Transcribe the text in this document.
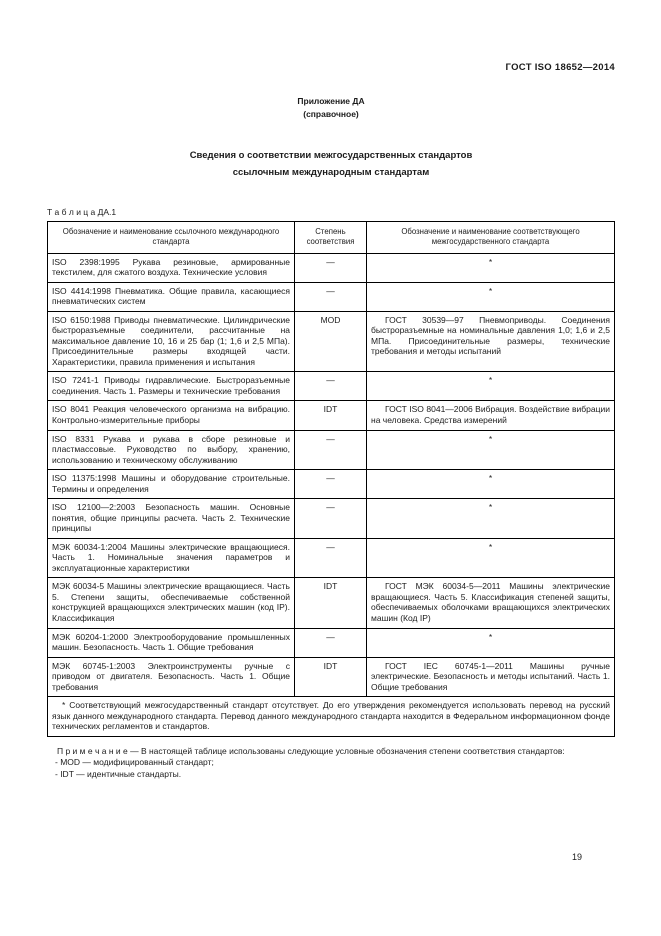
ГОСТ ISO 18652—2014
Приложение ДА
(справочное)
Сведения о соответствии межгосударственных стандартов
ссылочным международным стандартам
Т а б л и ц а ДА.1
Обозначение и наименование ссылочного международного стандарта	Степень соответствия	Обозначение и наименование соответствующего межгосударственного стандарта
ISO 2398:1995 Рукава резиновые, армированные текстилем, для сжатого воздуха. Технические условия	—	*
ISO 4414:1998 Пневматика. Общие правила, касающиеся пневматических систем	—	*
ISO 6150:1988 Приводы пневматические. Цилиндрические быстроразъемные соединители, рассчитанные на максимальное давление 10, 16 и 25 бар (1; 1,6 и 2,5 МПа). Присоединительные размеры входящей части. Характеристики, правила применения и испытания	MOD	ГОСТ 30539—97 Пневмоприводы. Соединения быстроразъемные на номинальные давления 1,0; 1,6 и 2,5 МПа. Присоединительные размеры, технические требования и методы испытаний
ISO 7241-1 Приводы гидравлические. Быстроразъемные соединения. Часть 1. Размеры и технические требования	—	*
ISO 8041 Реакция человеческого организма на вибрацию. Контрольно-измерительные приборы	IDT	ГОСТ ISO 8041—2006 Вибрация. Воздействие вибрации на человека. Средства измерений
ISO 8331 Рукава и рукава в сборе резиновые и пластмассовые. Руководство по выбору, хранению, использованию и техническому обслуживанию	—	*
ISO 11375:1998 Машины и оборудование строительные. Термины и определения	—	*
ISO 12100—2:2003 Безопасность машин. Основные понятия, общие принципы расчета. Часть 2. Технические принципы	—	*
МЭК 60034-1:2004 Машины электрические вращающиеся. Часть 1. Номинальные значения параметров и эксплуатационные характеристики	—	*
МЭК 60034-5 Машины электрические вращающиеся. Часть 5. Степени защиты, обеспечиваемые собственной конструкцией вращающихся электрических машин (код IP). Классификация	IDT	ГОСТ МЭК 60034-5—2011 Машины электрические вращающиеся. Часть 5. Классификация степеней защиты, обеспечиваемых оболочками вращающихся электрических машин (Код IP)
МЭК 60204-1:2000 Электрооборудование промышленных машин. Безопасность. Часть 1. Общие требования	—	*
МЭК 60745-1:2003 Электроинструменты ручные с приводом от двигателя. Безопасность. Часть 1. Общие требования	IDT	ГОСТ IEC 60745-1—2011 Машины ручные электрические. Безопасность и методы испытаний. Часть 1. Общие требования
* Соответствующий межгосударственный стандарт отсутствует. До его утверждения рекомендуется использовать перевод на русский язык данного международного стандарта. Перевод данного международного стандарта находится в Федеральном информационном фонде технических регламентов и стандартов.		
П р и м е ч а н и е — В настоящей таблице использованы следующие условные обозначения степени соответствия стандартов:
- MOD — модифицированный стандарт;
- IDT — идентичные стандарты.
19
